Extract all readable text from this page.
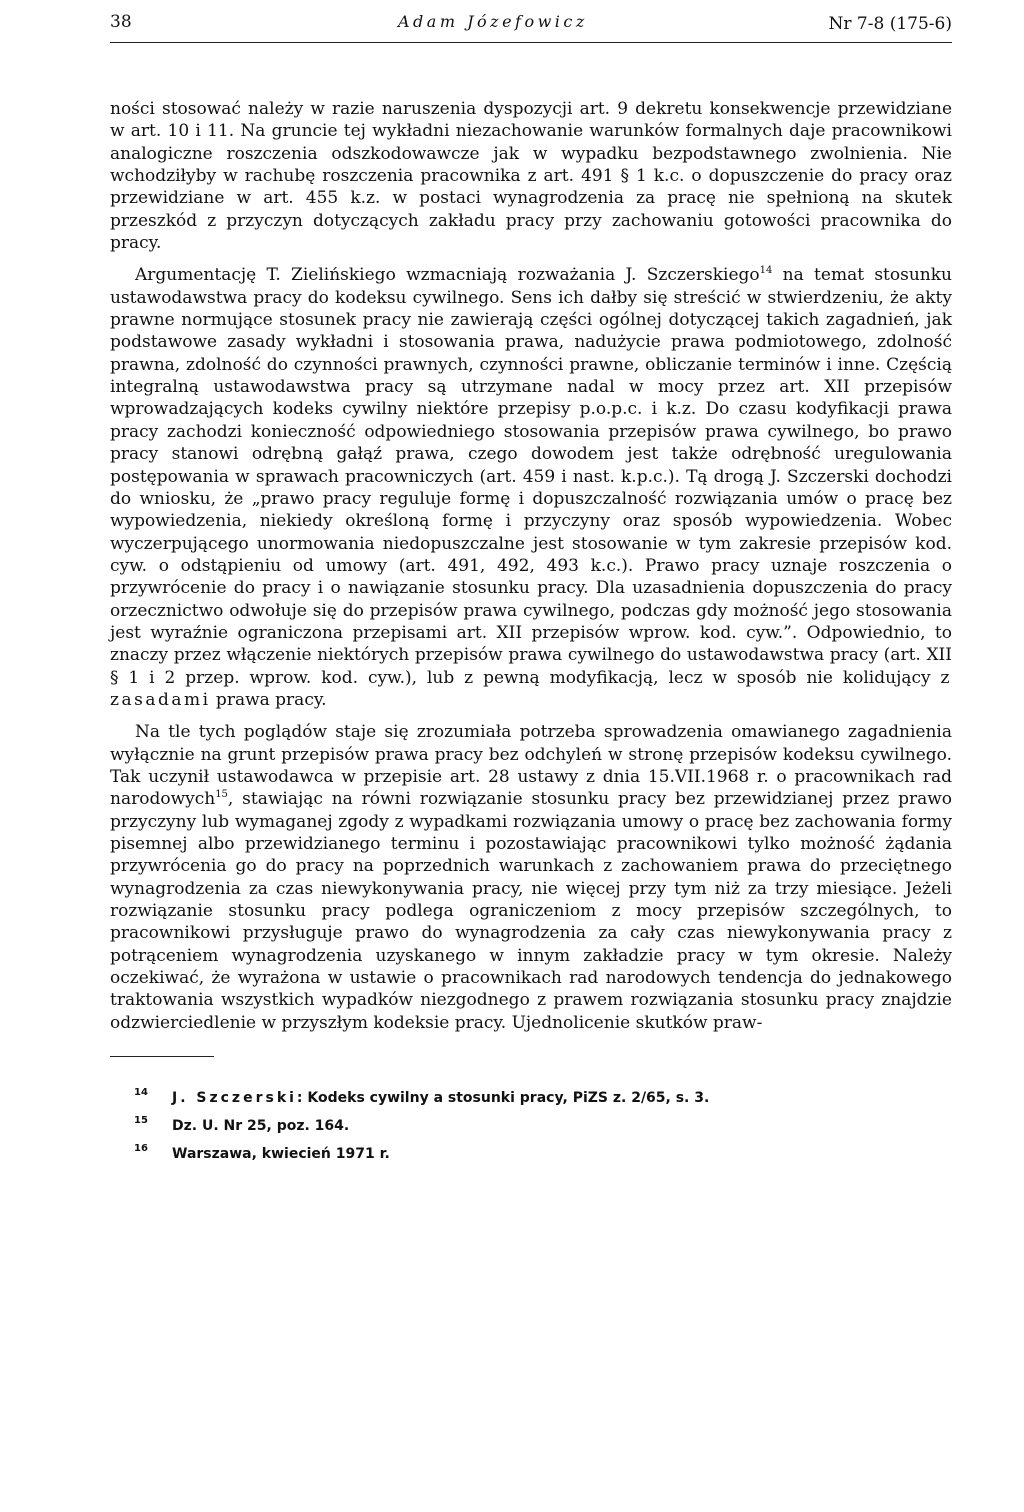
38	Adam Józefowicz	Nr 7-8 (175-6)

ności stosować należy w razie naruszenia dyspozycji art. 9 dekretu konsekwencje przewidziane w art. 10 i 11. Na gruncie tej wykładni niezachowanie warunków formalnych daje pracownikowi analogiczne roszczenia odszkodowawcze jak w wypadku bezpodstawnego zwolnienia. Nie wchodziłyby w rachubę roszczenia pracownika z art. 491 § 1 k.c. o dopuszczenie do pracy oraz przewidziane w art. 455 k.z. w postaci wynagrodzenia za pracę nie spełnioną na skutek przeszkód z przyczyn dotyczących zakładu pracy przy zachowaniu gotowości pracownika do pracy.

Argumentację T. Zielińskiego wzmacniają rozważania J. Szczerskiego$^{14}$ na temat stosunku ustawodawstwa pracy do kodeksu cywilnego. Sens ich dałby się streścić w stwierdzeniu, że akty prawne normujące stosunek pracy nie zawierają części ogólnej dotyczącej takich zagadnień, jak podstawowe zasady wykładni i stosowania prawa, nadużycie prawa podmiotowego, zdolność prawna, zdolność do czynności prawnych, czynności prawne, obliczanie terminów i inne. Częścią integralną ustawodawstwa pracy są utrzymane nadal w mocy przez art. XII przepisów wprowadzających kodeks cywilny niektóre przepisy p.o.p.c. i k.z. Do czasu kodyfikacji prawa pracy zachodzi konieczność odpowiedniego stosowania przepisów prawa cywilnego, bo prawo pracy stanowi odrębną gałąź prawa, czego dowodem jest także odrębność uregulowania postępowania w sprawach pracowniczych (art. 459 i nast. k.p.c.). Tą drogą J. Szczerski dochodzi do wniosku, że „prawo pracy reguluje formę i dopuszczalność rozwiązania umów o pracę bez wypowiedzenia, niekiedy określoną formę i przyczyny oraz sposób wypowiedzenia. Wobec wyczerpującego unormowania niedopuszczalne jest stosowanie w tym zakresie przepisów kod. cyw. o odstąpieniu od umowy (art. 491, 492, 493 k.c.). Prawo pracy uznaje roszczenia o przywrócenie do pracy i o nawiązanie stosunku pracy. Dla uzasadnienia dopuszczenia do pracy orzecznictwo odwołuje się do przepisów prawa cywilnego, podczas gdy możność jego stosowania jest wyraźnie ograniczona przepisami art. XII przepisów wprow. kod. cyw.”. Odpowiednio, to znaczy przez włączenie niektórych przepisów prawa cywilnego do ustawodawstwa pracy (art. XII § 1 i 2 przep. wprow. kod. cyw.), lub z pewną modyfikacją, lecz w sposób nie kolidujący z zasadami prawa pracy.

Na tle tych poglądów staje się zrozumiała potrzeba sprowadzenia omawianego zagadnienia wyłącznie na grunt przepisów prawa pracy bez odchyleń w stronę przepisów kodeksu cywilnego. Tak uczynił ustawodawca w przepisie art. 28 ustawy z dnia 15.VII.1968 r. o pracownikach rad narodowych$^{15}$, stawiając na równi rozwiązanie stosunku pracy bez przewidzianej przez prawo przyczyny lub wymaganej zgody z wypadkami rozwiązania umowy o pracę bez zachowania formy pisemnej albo przewidzianego terminu i pozostawiając pracownikowi tylko możność żądania przywrócenia go do pracy na poprzednich warunkach z zachowaniem prawa do przeciętnego wynagrodzenia za czas niewykonywania pracy, nie więcej przy tym niż za trzy miesiące. Jeżeli rozwiązanie stosunku pracy podlega ograniczeniom z mocy przepisów szczególnych, to pracownikowi przysługuje prawo do wynagrodzenia za cały czas niewykonywania pracy z potrąceniem wynagrodzenia uzyskanego w innym zakładzie pracy w tym okresie. Należy oczekiwać, że wyrażona w ustawie o pracownikach rad narodowych tendencja do jednakowego traktowania wszystkich wypadków niezgodnego z prawem rozwiązania stosunku pracy znajdzie odzwierciedlenie w przyszłym kodeksie pracy. Ujednolicenie skutków praw-

14 J. Szczerski: Kodeks cywilny a stosunki pracy, PiZS z. 2/65, s. 3.
15 Dz. U. Nr 25, poz. 164.
16 Warszawa, kwiecień 1971 r.
